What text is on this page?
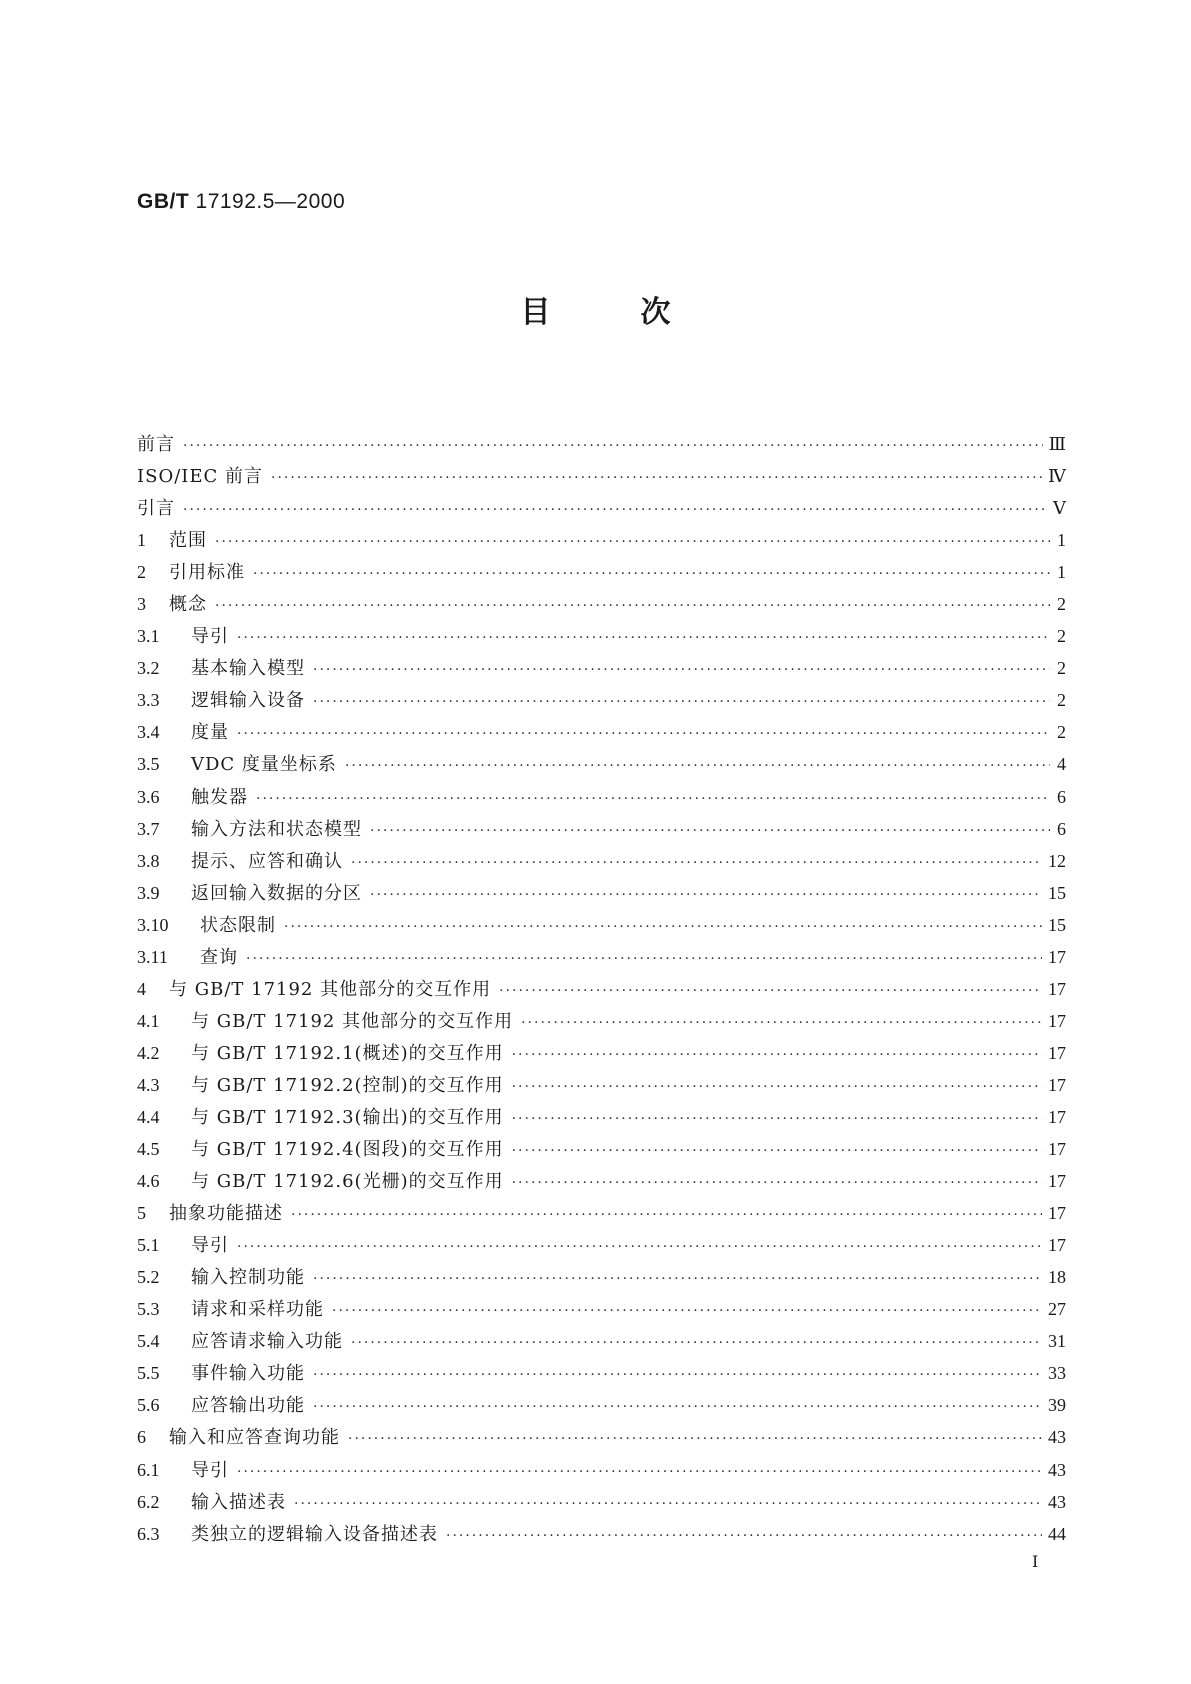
GB/T 17192.5—2000
目	次
前言 ·····	Ⅲ
ISO/IEC 前言 ·····	Ⅳ
引言 ·····	Ⅴ
1	范围 ·····	1
2	引用标准 ·····	1
3	概念 ·····	2
3.1	导引 ·····	2
3.2	基本输入模型 ·····	2
3.3	逻辑输入设备 ·····	2
3.4	度量 ·····	2
3.5	VDC 度量坐标系 ·····	4
3.6	触发器 ·····	6
3.7	输入方法和状态模型 ·····	6
3.8	提示、应答和确认 ·····	12
3.9	返回输入数据的分区 ·····	15
3.10	状态限制 ·····	15
3.11	查询 ·····	17
4	与 GB/T 17192 其他部分的交互作用 ·····	17
4.1	与 GB/T 17192 其他部分的交互作用 ·····	17
4.2	与 GB/T 17192.1(概述)的交互作用 ·····	17
4.3	与 GB/T 17192.2(控制)的交互作用 ·····	17
4.4	与 GB/T 17192.3(输出)的交互作用 ·····	17
4.5	与 GB/T 17192.4(图段)的交互作用 ·····	17
4.6	与 GB/T 17192.6(光栅)的交互作用 ·····	17
5	抽象功能描述 ·····	17
5.1	导引 ·····	17
5.2	输入控制功能 ·····	18
5.3	请求和采样功能 ·····	27
5.4	应答请求输入功能 ·····	31
5.5	事件输入功能 ·····	33
5.6	应答输出功能 ·····	39
6	输入和应答查询功能 ·····	43
6.1	导引 ·····	43
6.2	输入描述表 ·····	43
6.3	类独立的逻辑输入设备描述表 ·····	44
Ⅰ
